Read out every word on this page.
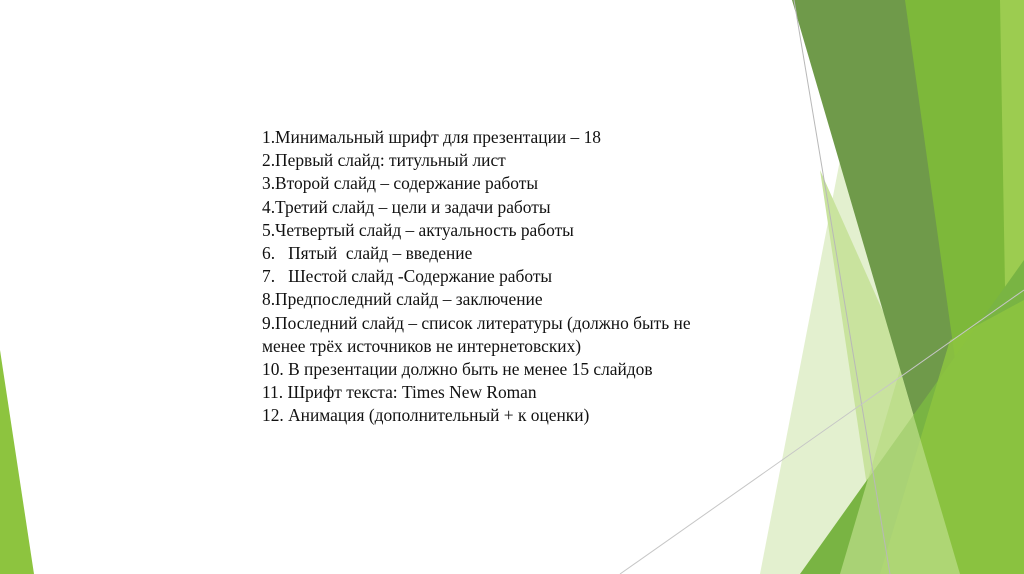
1.Минимальный шрифт для презентации – 18
2.Первый слайд: титульный лист
3.Второй слайд – содержание работы
4.Третий слайд – цели и задачи работы
5.Четвертый слайд – актуальность работы
6.   Пятый  слайд – введение
7.   Шестой слайд -Содержание работы
8.Предпоследний слайд – заключение
9.Последний слайд – список литературы (должно быть не
менее трёх источников не интернетовских)
10. В презентации должно быть не менее 15 слайдов
11. Шрифт текста: Times New Roman
12. Анимация (дополнительный + к оценки)
